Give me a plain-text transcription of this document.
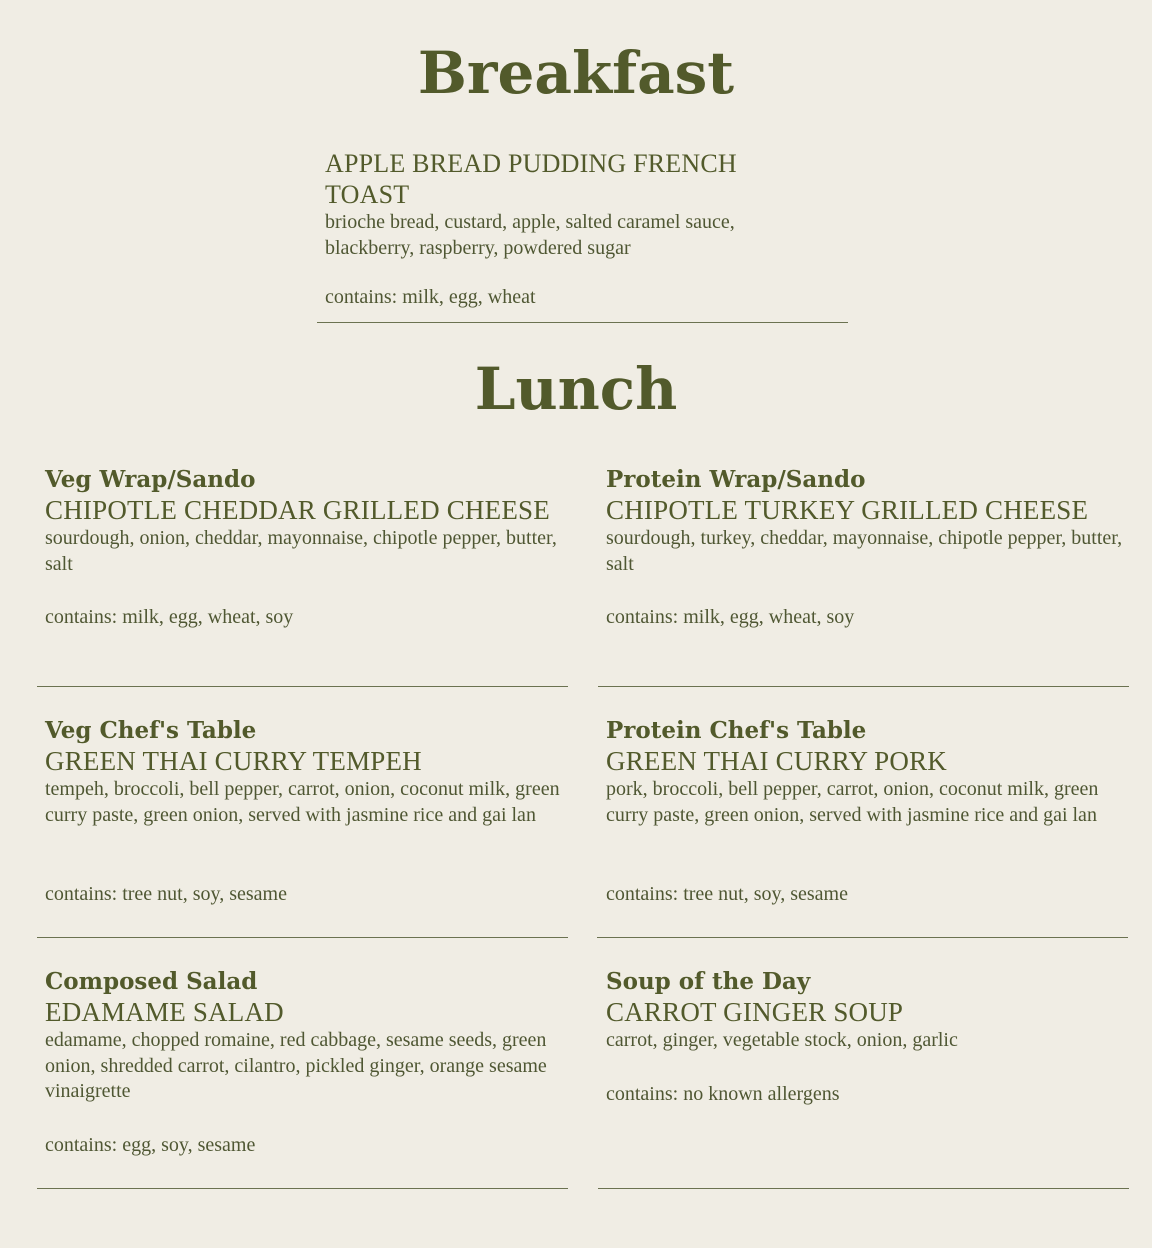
Breakfast

APPLE BREAD PUDDING FRENCH TOAST

brioche bread, custard, apple, salted caramel sauce, blackberry, raspberry, powdered sugar

contains: milk, egg, wheat

Lunch

Veg Wrap/Sando

CHIPOTLE CHEDDAR GRILLED CHEESE

sourdough, onion, cheddar, mayonnaise, chipotle pepper, butter, salt

contains: milk, egg, wheat, soy

Protein Wrap/Sando

CHIPOTLE TURKEY GRILLED CHEESE

sourdough, turkey, cheddar, mayonnaise, chipotle pepper, butter, salt

contains: milk, egg, wheat, soy

Veg Chef's Table

GREEN THAI CURRY TEMPEH

tempeh, broccoli, bell pepper, carrot, onion, coconut milk, green curry paste, green onion, served with jasmine rice and gai lan

contains: tree nut, soy, sesame

Protein Chef's Table

GREEN THAI CURRY PORK

pork, broccoli, bell pepper, carrot, onion, coconut milk, green curry paste, green onion, served with jasmine rice and gai lan

contains: tree nut, soy, sesame

Composed Salad

EDAMAME SALAD

edamame, chopped romaine, red cabbage, sesame seeds, green onion, shredded carrot, cilantro, pickled ginger, orange sesame vinaigrette

contains: egg, soy, sesame

Soup of the Day

CARROT GINGER SOUP

carrot, ginger, vegetable stock, onion, garlic

contains: no known allergens
